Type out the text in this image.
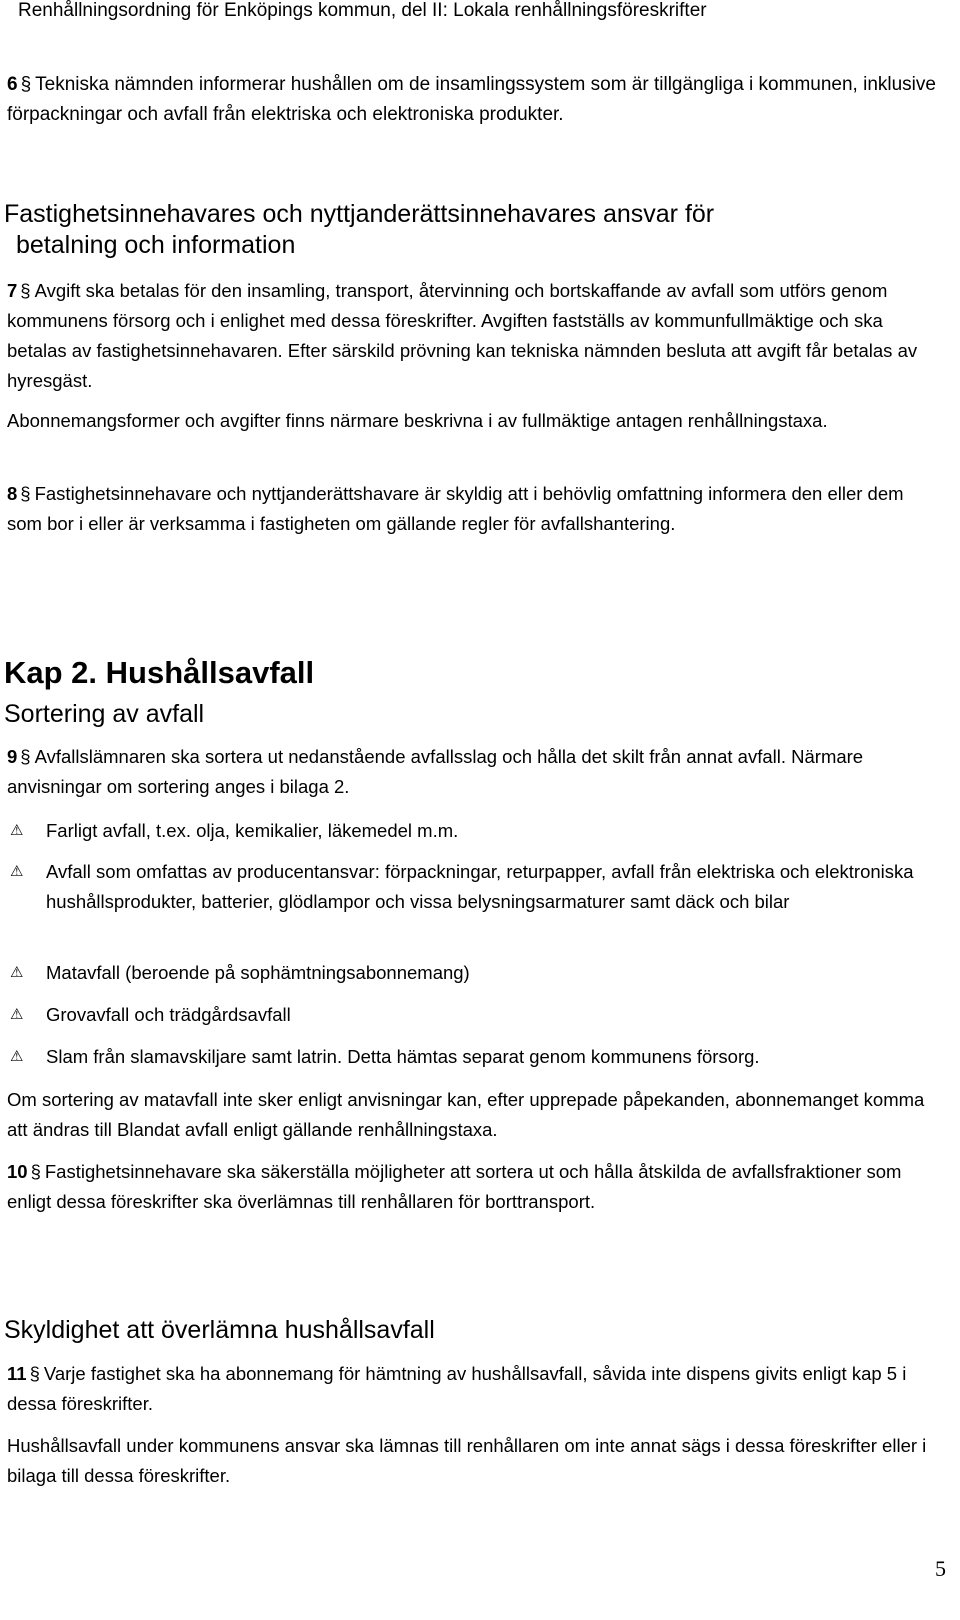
Renhållningsordning för Enköpings kommun, del II: Lokala renhållningsföreskrifter
6 § Tekniska nämnden informerar hushållen om de insamlingssystem som är tillgängliga i kommunen, inklusive förpackningar och avfall från elektriska och elektroniska produkter.
Fastighetsinnehavares och nyttjanderättsinnehavares ansvar för
betalning och information
7 § Avgift ska betalas för den insamling, transport, återvinning och bortskaffande av avfall som utförs genom kommunens försorg och i enlighet med dessa föreskrifter. Avgiften fastställs av kommunfullmäktige och ska betalas av fastighetsinnehavaren. Efter särskild prövning kan tekniska nämnden besluta att avgift får betalas av hyresgäst.
Abonnemangsformer och avgifter finns närmare beskrivna i av fullmäktige antagen renhållningstaxa.
8 § Fastighetsinnehavare och nyttjanderättshavare är skyldig att i behövlig omfattning informera den eller dem som bor i eller är verksamma i fastigheten om gällande regler för avfallshantering.
Kap 2. Hushållsavfall
Sortering av avfall
9 § Avfallslämnaren ska sortera ut nedanstående avfallsslag och hålla det skilt från annat avfall. Närmare anvisningar om sortering anges i bilaga 2.
⚠	Farligt avfall, t.ex. olja, kemikalier, läkemedel m.m.
⚠	Avfall som omfattas av producentansvar: förpackningar, returpapper, avfall från elektriska och elektroniska hushållsprodukter, batterier, glödlampor och vissa belysningsarmaturer samt däck och bilar
⚠	Matavfall (beroende på sophämtningsabonnemang)
⚠	Grovavfall och trädgårdsavfall
⚠	Slam från slamavskiljare samt latrin. Detta hämtas separat genom kommunens försorg.
Om sortering av matavfall inte sker enligt anvisningar kan, efter upprepade påpekanden, abonnemanget komma att ändras till Blandat avfall enligt gällande renhållningstaxa.
10 § Fastighetsinnehavare ska säkerställa möjligheter att sortera ut och hålla åtskilda de avfallsfraktioner som enligt dessa föreskrifter ska överlämnas till renhållaren för borttransport.
Skyldighet att överlämna hushållsavfall
11 § Varje fastighet ska ha abonnemang för hämtning av hushållsavfall, såvida inte dispens givits enligt kap 5 i dessa föreskrifter.
Hushållsavfall under kommunens ansvar ska lämnas till renhållaren om inte annat sägs i dessa föreskrifter eller i bilaga till dessa föreskrifter.
5
